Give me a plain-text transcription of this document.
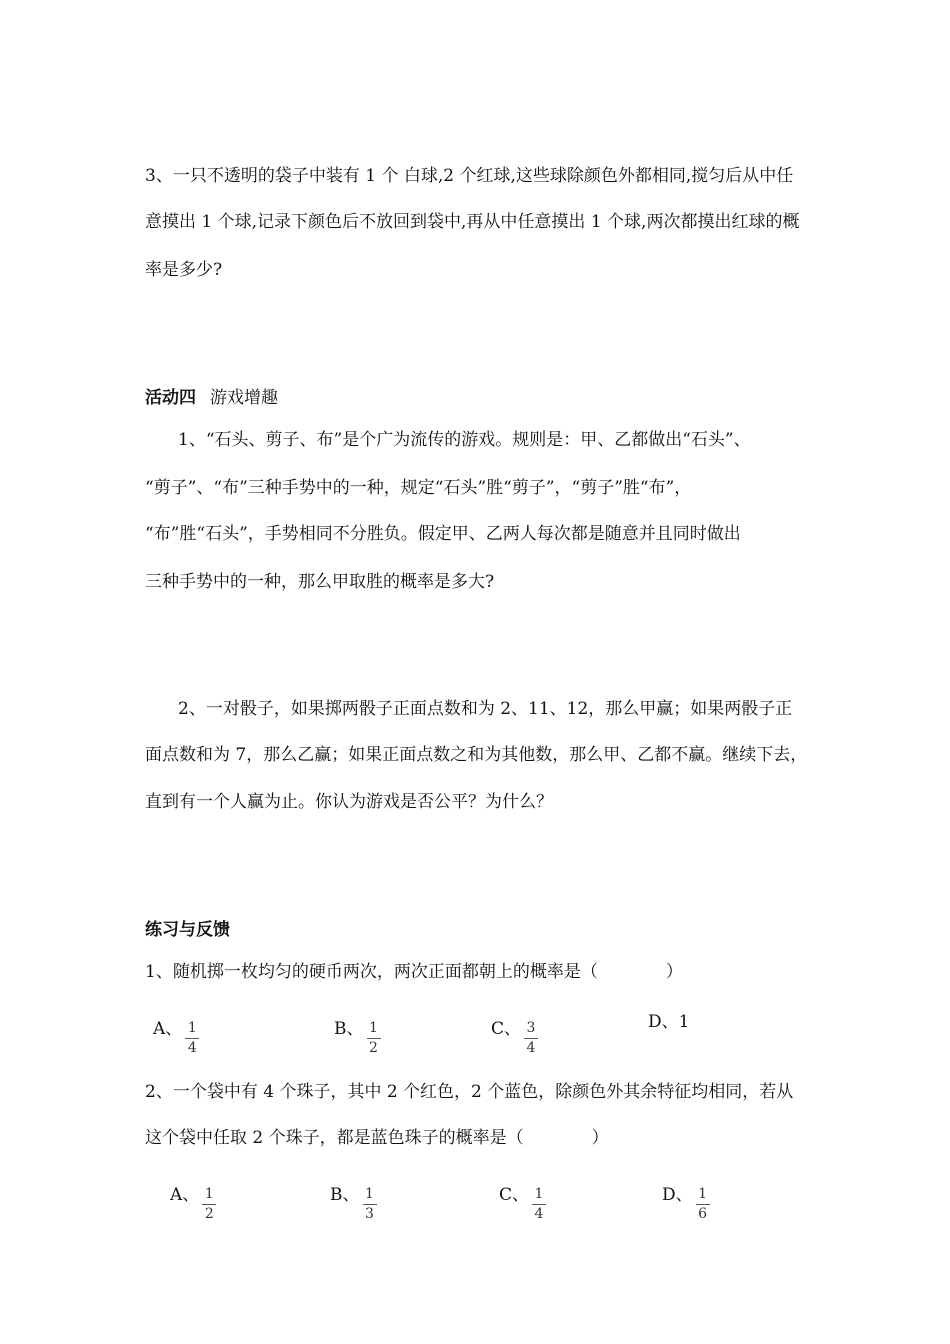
3、一只不透明的袋子中装有 1 个 白球,2 个红球,这些球除颜色外都相同,搅匀后从中任
意摸出 1 个球,记录下颜色后不放回到袋中,再从中任意摸出 1 个球,两次都摸出红球的概
率是多少?
活动四 游戏增趣
1、“石头、剪子、布”是个广为流传的游戏。规则是：甲、乙都做出“石头”、
“剪子”、“布”三种手势中的一种，规定“石头”胜“剪子”，“剪子”胜“布”，
“布”胜“石头”，手势相同不分胜负。假定甲、乙两人每次都是随意并且同时做出
三种手势中的一种，那么甲取胜的概率是多大?
2、一对骰子，如果掷两骰子正面点数和为 2、11、12，那么甲赢；如果两骰子正
面点数和为 7，那么乙赢；如果正面点数之和为其他数，那么甲、乙都不赢。继续下去，
直到有一个人赢为止。你认为游戏是否公平？为什么？
练习与反馈
1、随机掷一枚均匀的硬币两次，两次正面都朝上的概率是（　　　　）
A、 $\frac{1}{4}$	B、 $\frac{1}{2}$	C、 $\frac{3}{4}$	D、1
2、一个袋中有 4 个珠子，其中 2 个红色，2 个蓝色，除颜色外其余特征均相同，若从
这个袋中任取 2 个珠子，都是蓝色珠子的概率是（　　　　）
A、 $\frac{1}{2}$	B、 $\frac{1}{3}$	C、 $\frac{1}{4}$	D、 $\frac{1}{6}$
